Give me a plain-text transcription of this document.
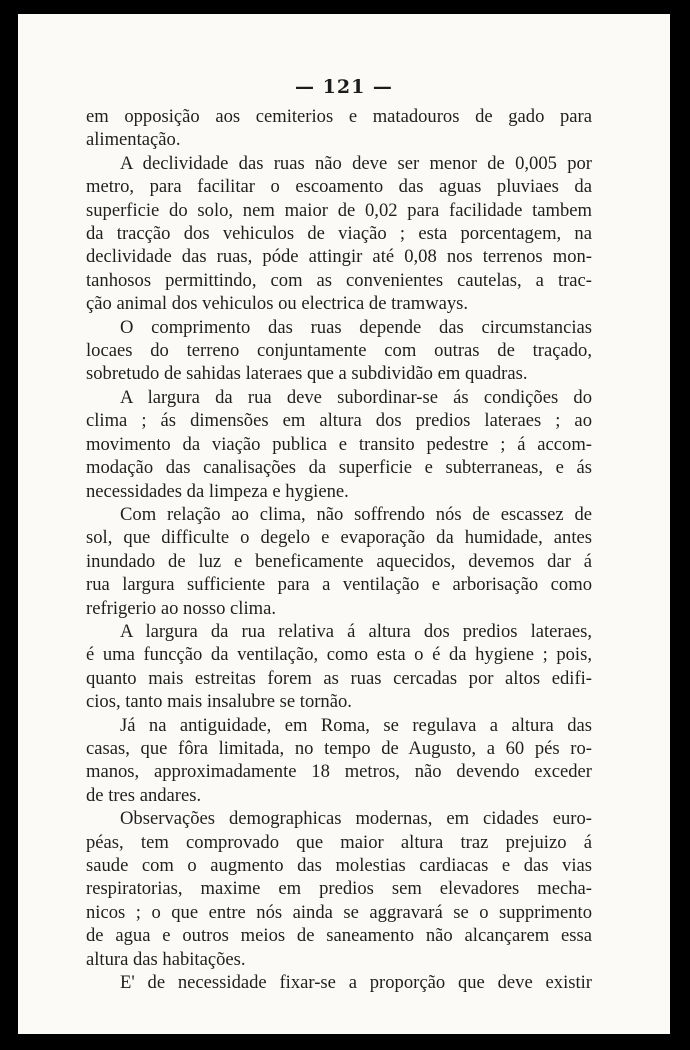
— 121 —
em opposição aos cemiterios e matadouros de gado para
alimentação.
A declividade das ruas não deve ser menor de 0,005 por
metro, para facilitar o escoamento das aguas pluviaes da
superficie do solo, nem maior de 0,02 para facilidade tambem
da tracção dos vehiculos de viação ; esta porcentagem, na
declividade das ruas, póde attingir até 0,08 nos terrenos mon-
tanhosos permittindo, com as convenientes cautelas, a trac-
ção animal dos vehiculos ou electrica de tramways.
O comprimento das ruas depende das circumstancias
locaes do terreno conjuntamente com outras de traçado,
sobretudo de sahidas lateraes que a subdividão em quadras.
A largura da rua deve subordinar-se ás condições do
clima ; ás dimensões em altura dos predios lateraes ; ao
movimento da viação publica e transito pedestre ; á accom-
modação das canalisações da superficie e subterraneas, e ás
necessidades da limpeza e hygiene.
Com relação ao clima, não soffrendo nós de escassez de
sol, que difficulte o degelo e evaporação da humidade, antes
inundado de luz e beneficamente aquecidos, devemos dar á
rua largura sufficiente para a ventilação e arborisação como
refrigerio ao nosso clima.
A largura da rua relativa á altura dos predios lateraes,
é uma funcção da ventilação, como esta o é da hygiene ; pois,
quanto mais estreitas forem as ruas cercadas por altos edifi-
cios, tanto mais insalubre se tornão.
Já na antiguidade, em Roma, se regulava a altura das
casas, que fôra limitada, no tempo de Augusto, a 60 pés ro-
manos, approximadamente 18 metros, não devendo exceder
de tres andares.
Observações demographicas modernas, em cidades euro-
péas, tem comprovado que maior altura traz prejuizo á
saude com o augmento das molestias cardiacas e das vias
respiratorias, maxime em predios sem elevadores mecha-
nicos ; o que entre nós ainda se aggravará se o supprimento
de agua e outros meios de saneamento não alcançarem essa
altura das habitações.
E' de necessidade fixar-se a proporção que deve existir
